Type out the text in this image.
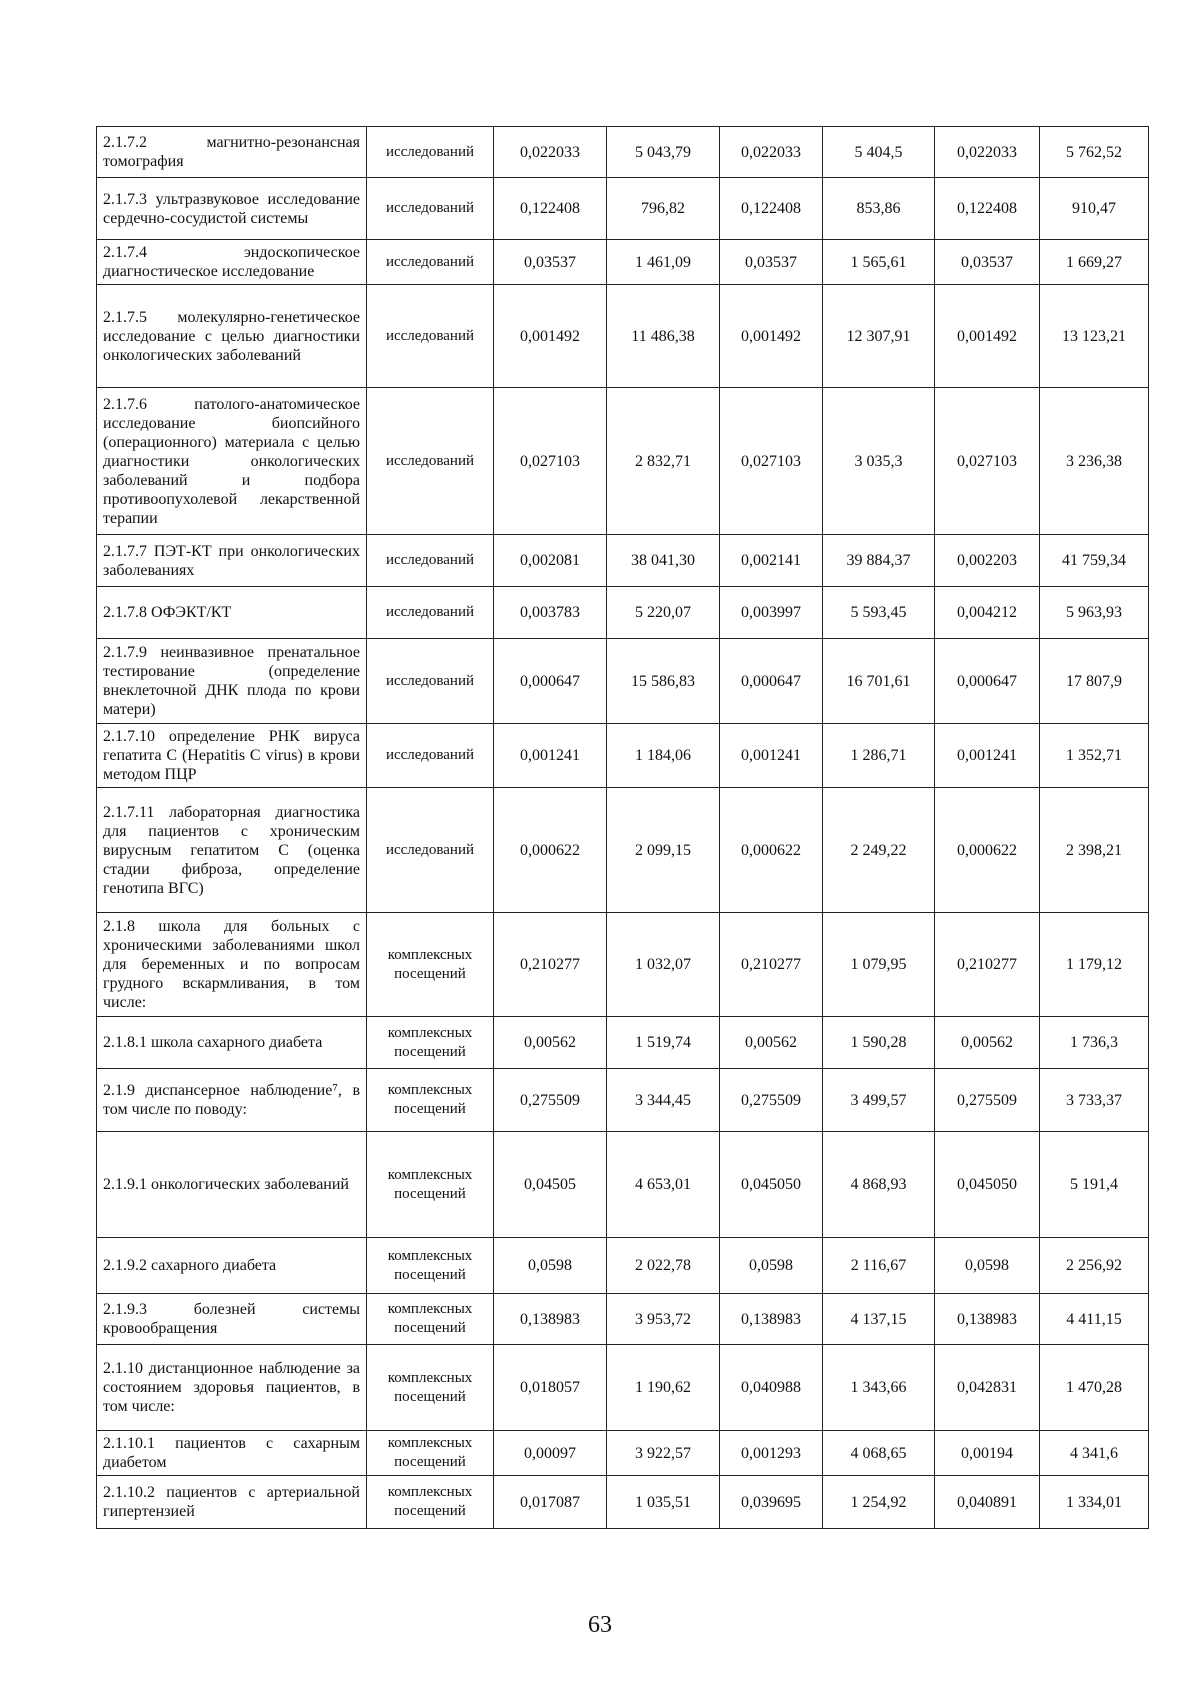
2.1.7.2 магнитно-резонансная томография	исследований	0,022033	5 043,79	0,022033	5 404,5	0,022033	5 762,52
2.1.7.3 ультразвуковое исследование сердечно-сосудистой системы	исследований	0,122408	796,82	0,122408	853,86	0,122408	910,47
2.1.7.4 эндоскопическое диагностическое исследование	исследований	0,03537	1 461,09	0,03537	1 565,61	0,03537	1 669,27
2.1.7.5 молекулярно-генетическое исследование с целью диагностики онкологических заболеваний	исследований	0,001492	11 486,38	0,001492	12 307,91	0,001492	13 123,21
2.1.7.6 патолого-анатомическое исследование биопсийного (операционного) материала с целью диагностики онкологических заболеваний и подбора противоопухолевой лекарственной терапии	исследований	0,027103	2 832,71	0,027103	3 035,3	0,027103	3 236,38
2.1.7.7 ПЭТ-КТ при онкологических заболеваниях	исследований	0,002081	38 041,30	0,002141	39 884,37	0,002203	41 759,34
2.1.7.8 ОФЭКТ/КТ	исследований	0,003783	5 220,07	0,003997	5 593,45	0,004212	5 963,93
2.1.7.9 неинвазивное пренатальное тестирование (определение внеклеточной ДНК плода по крови матери)	исследований	0,000647	15 586,83	0,000647	16 701,61	0,000647	17 807,9
2.1.7.10 определение РНК вируса гепатита С (Hepatitis С virus) в крови методом ПЦР	исследований	0,001241	1 184,06	0,001241	1 286,71	0,001241	1 352,71
2.1.7.11 лабораторная диагностика для пациентов с хроническим вирусным гепатитом С (оценка стадии фиброза, определение генотипа ВГС)	исследований	0,000622	2 099,15	0,000622	2 249,22	0,000622	2 398,21
2.1.8 школа для больных с хроническими заболеваниями школ для беременных и по вопросам грудного вскармливания, в том числе:	комплексных посещений	0,210277	1 032,07	0,210277	1 079,95	0,210277	1 179,12
2.1.8.1 школа сахарного диабета	комплексных посещений	0,00562	1 519,74	0,00562	1 590,28	0,00562	1 736,3
2.1.9 диспансерное наблюдение⁷, в том числе по поводу:	комплексных посещений	0,275509	3 344,45	0,275509	3 499,57	0,275509	3 733,37
2.1.9.1 онкологических заболеваний	комплексных посещений	0,04505	4 653,01	0,045050	4 868,93	0,045050	5 191,4
2.1.9.2 сахарного диабета	комплексных посещений	0,0598	2 022,78	0,0598	2 116,67	0,0598	2 256,92
2.1.9.3 болезней системы кровообращения	комплексных посещений	0,138983	3 953,72	0,138983	4 137,15	0,138983	4 411,15
2.1.10 дистанционное наблюдение за состоянием здоровья пациентов, в том числе:	комплексных посещений	0,018057	1 190,62	0,040988	1 343,66	0,042831	1 470,28
2.1.10.1 пациентов с сахарным диабетом	комплексных посещений	0,00097	3 922,57	0,001293	4 068,65	0,00194	4 341,6
2.1.10.2 пациентов с артериальной гипертензией	комплексных посещений	0,017087	1 035,51	0,039695	1 254,92	0,040891	1 334,01
63
